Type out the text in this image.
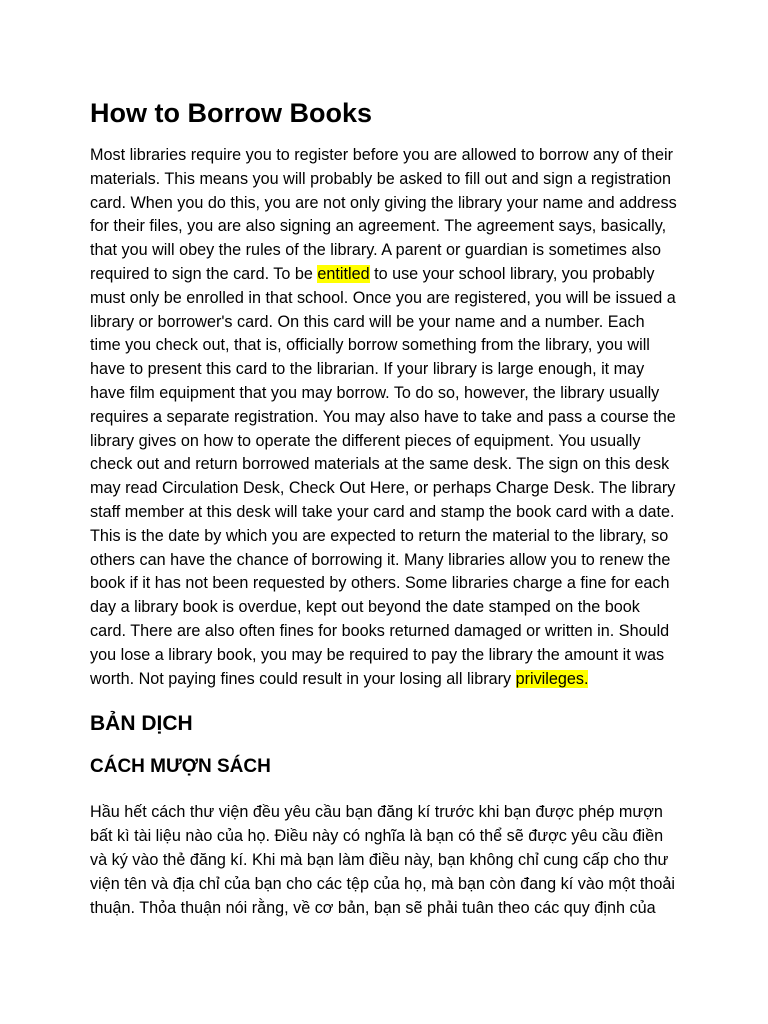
How to Borrow Books

Most libraries require you to register before you are allowed to borrow any of their materials. This means you will probably be asked to fill out and sign a registration card. When you do this, you are not only giving the library your name and address for their files, you are also signing an agreement. The agreement says, basically, that you will obey the rules of the library. A parent or guardian is sometimes also required to sign the card. To be entitled to use your school library, you probably must only be enrolled in that school. Once you are registered, you will be issued a library or borrower's card. On this card will be your name and a number. Each time you check out, that is, officially borrow something from the library, you will have to present this card to the librarian. If your library is large enough, it may have film equipment that you may borrow. To do so, however, the library usually requires a separate registration. You may also have to take and pass a course the library gives on how to operate the different pieces of equipment. You usually check out and return borrowed materials at the same desk. The sign on this desk may read Circulation Desk, Check Out Here, or perhaps Charge Desk. The library staff member at this desk will take your card and stamp the book card with a date. This is the date by which you are expected to return the material to the library, so others can have the chance of borrowing it. Many libraries allow you to renew the book if it has not been requested by others. Some libraries charge a fine for each day a library book is overdue, kept out beyond the date stamped on the book card. There are also often fines for books returned damaged or written in. Should you lose a library book, you may be required to pay the library the amount it was worth. Not paying fines could result in your losing all library privileges.

BẢN DỊCH
CÁCH MƯỢN SÁCH

Hầu hết cách thư viện đều yêu cầu bạn đăng kí trước khi bạn được phép mượn bất kì tài liệu nào của họ. Điều này có nghĩa là bạn có thể sẽ được yêu cầu điền và ký vào thẻ đăng kí. Khi mà bạn làm điều này, bạn không chỉ cung cấp cho thư viện tên và địa chỉ của bạn cho các tệp của họ, mà bạn còn đang kí vào một thoải thuận. Thỏa thuận nói rằng, về cơ bản, bạn sẽ phải tuân theo các quy định của
